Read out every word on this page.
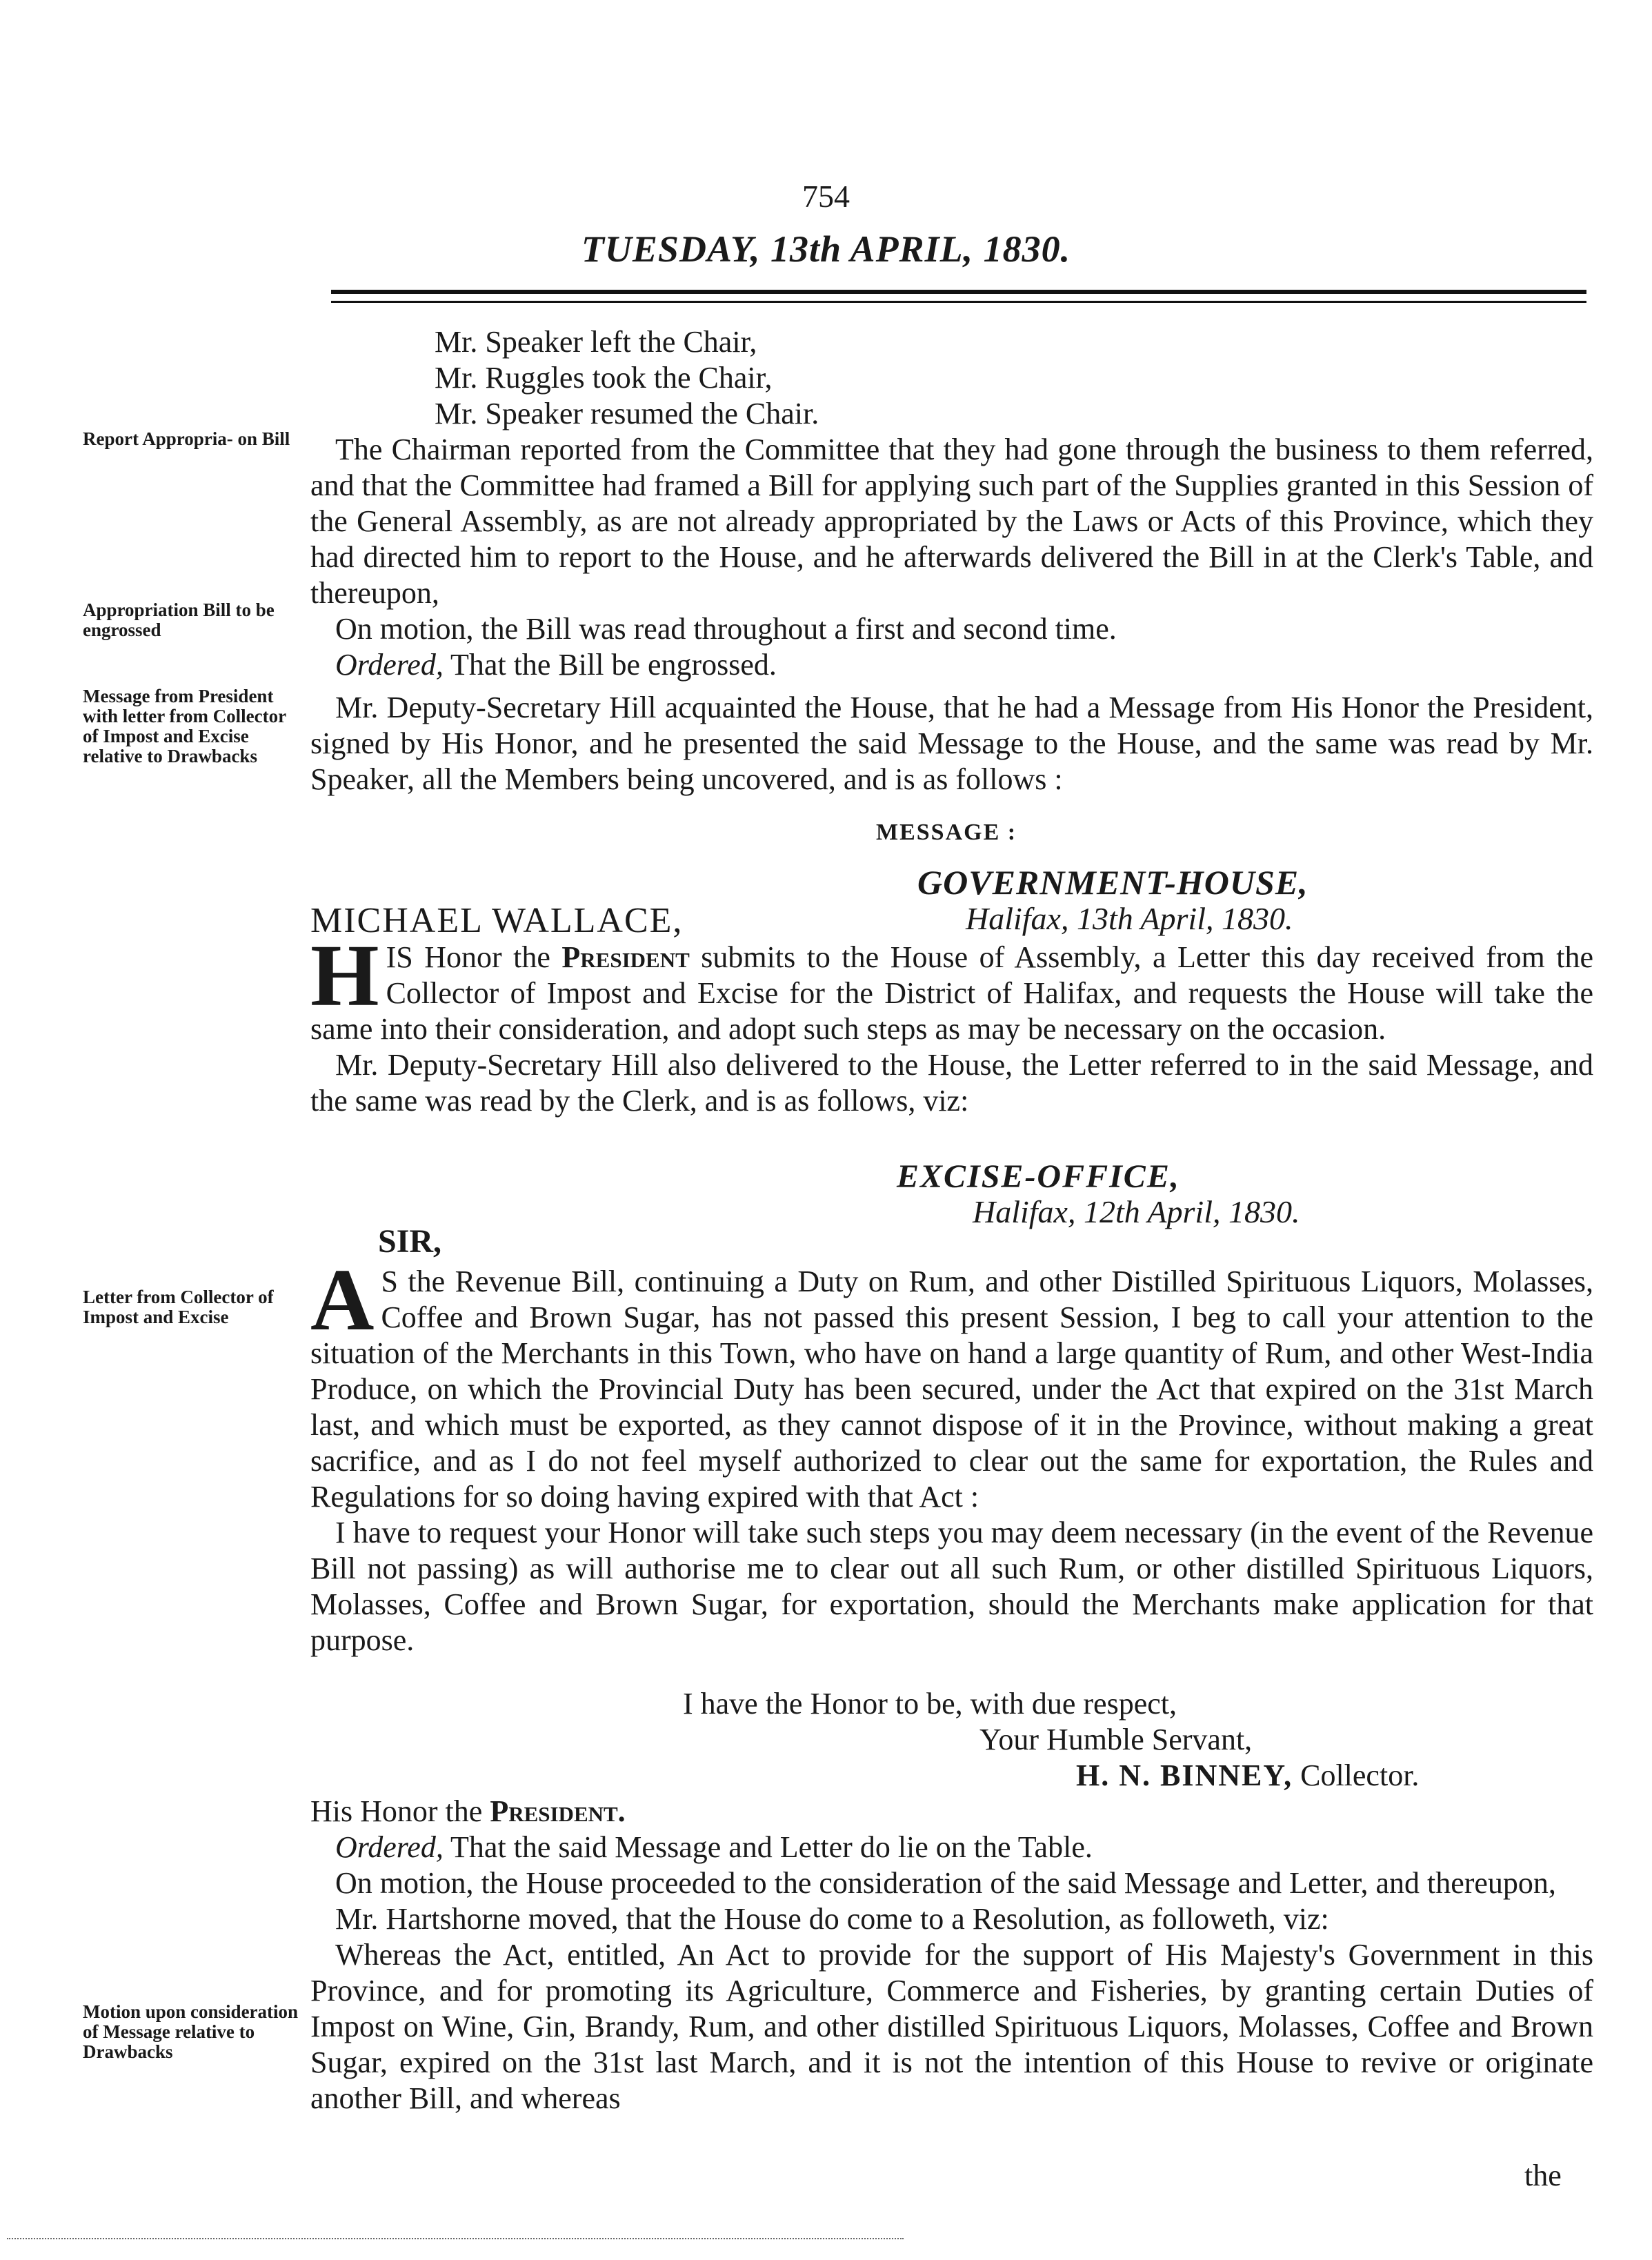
754
TUESDAY, 13th APRIL, 1830.
Report Appropria- on Bill
Appropriation Bill to be engrossed
Message from President with letter from Collector of Impost and Excise relative to Drawbacks
Letter from Collector of Impost and Excise
Motion upon consideration of Message relative to Drawbacks

Mr. Speaker left the Chair,

Mr. Ruggles took the Chair,

Mr. Speaker resumed the Chair.

The Chairman reported from the Committee that they had gone through the business to them referred, and that the Committee had framed a Bill for applying such part of the Supplies granted in this Session of the General Assembly, as are not already appropriated by the Laws or Acts of this Province, which they had directed him to report to the House, and he afterwards delivered the Bill in at the Clerk's Table, and thereupon,

On motion, the Bill was read throughout a first and second time.

Ordered, That the Bill be engrossed.

Mr. Deputy-Secretary Hill acquainted the House, that he had a Message from His Honor the President, signed by His Honor, and he presented the said Message to the House, and the same was read by Mr. Speaker, all the Members being uncovered, and is as follows :

MESSAGE :
GOVERNMENT-HOUSE,
MICHAEL WALLACE,	Halifax, 13th April, 1830.

HIS Honor the President submits to the House of Assembly, a Letter this day received from the Collector of Impost and Excise for the District of Halifax, and requests the House will take the same into their consideration, and adopt such steps as may be necessary on the occasion.

Mr. Deputy-Secretary Hill also delivered to the House, the Letter referred to in the said Message, and the same was read by the Clerk, and is as follows, viz:

EXCISE-OFFICE,
Halifax, 12th April, 1830.
SIR,

A S the Revenue Bill, continuing a Duty on Rum, and other Distilled Spirituous Liquors, Molasses, Coffee and Brown Sugar, has not passed this present Session, I beg to call your attention to the situation of the Merchants in this Town, who have on hand a large quantity of Rum, and other West-India Produce, on which the Provincial Duty has been secured, under the Act that expired on the 31st March last, and which must be exported, as they cannot dispose of it in the Province, without making a great sacrifice, and as I do not feel myself authorized to clear out the same for exportation, the Rules and Regulations for so doing having expired with that Act :

I have to request your Honor will take such steps you may deem necessary (in the event of the Revenue Bill not passing) as will authorise me to clear out all such Rum, or other distilled Spirituous Liquors, Molasses, Coffee and Brown Sugar, for exportation, should the Merchants make application for that purpose.

I have the Honor to be, with due respect,
Your Humble Servant,
H. N. BINNEY, Collector.

His Honor the President.

Ordered, That the said Message and Letter do lie on the Table.

On motion, the House proceeded to the consideration of the said Message and Letter, and thereupon,

Mr. Hartshorne moved, that the House do come to a Resolution, as followeth, viz:

Whereas the Act, entitled, An Act to provide for the support of His Majesty's Government in this Province, and for promoting its Agriculture, Commerce and Fisheries, by granting certain Duties of Impost on Wine, Gin, Brandy, Rum, and other distilled Spirituous Liquors, Molasses, Coffee and Brown Sugar, expired on the 31st last March, and it is not the intention of this House to revive or originate another Bill, and whereas

the
